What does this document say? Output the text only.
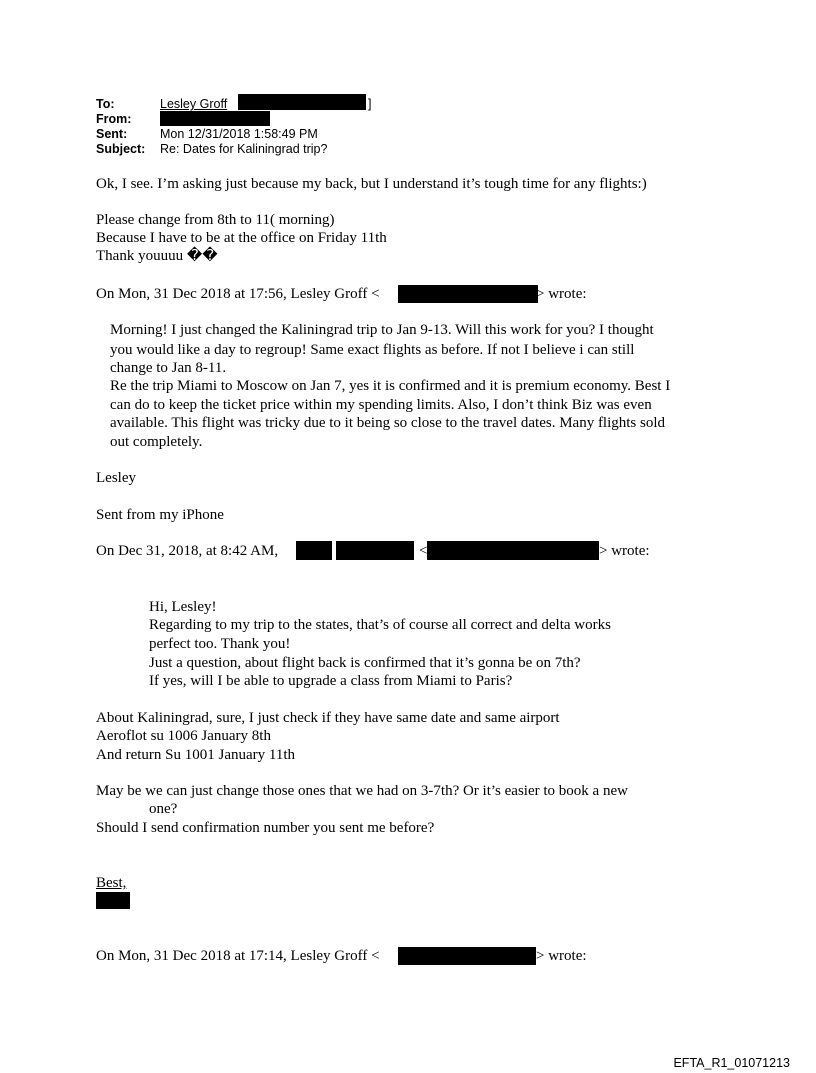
To:	Lesley Groff	]
From:
Sent:	Mon 12/31/2018 1:58:49 PM
Subject: Re: Dates for Kaliningrad trip?
Ok, I see. I’m asking just because my back, but I understand it’s tough time for any flights:)
Please change from 8th to 11( morning)
Because I have to be at the office on Friday 11th
Thank youuuu ��
On Mon, 31 Dec 2018 at 17:56, Lesley Groff <	> wrote:
Morning! I just changed the Kaliningrad trip to Jan 9-13. Will this work for you? I thought
you would like a day to regroup! Same exact flights as before. If not I believe i can still
change to Jan 8-11.
Re the trip Miami to Moscow on Jan 7, yes it is confirmed and it is premium economy. Best I
can do to keep the ticket price within my spending limits. Also, I don’t think Biz was even
available. This flight was tricky due to it being so close to the travel dates. Many flights sold
out completely.
Lesley
Sent from my iPhone
On Dec 31, 2018, at 8:42 AM,	<	> wrote:
Hi, Lesley!
Regarding to my trip to the states, that’s of course all correct and delta works
perfect too. Thank you!
Just a question, about flight back is confirmed that it’s gonna be on 7th?
If yes, will I be able to upgrade a class from Miami to Paris?
About Kaliningrad, sure, I just check if they have same date and same airport
Aeroflot su 1006 January 8th
And return Su 1001 January 11th
May be we can just change those ones that we had on 3-7th? Or it’s easier to book a new
one?
Should I send confirmation number you sent me before?
Best,
On Mon, 31 Dec 2018 at 17:14, Lesley Groff <	> wrote:
EFTA_R1_01071213
